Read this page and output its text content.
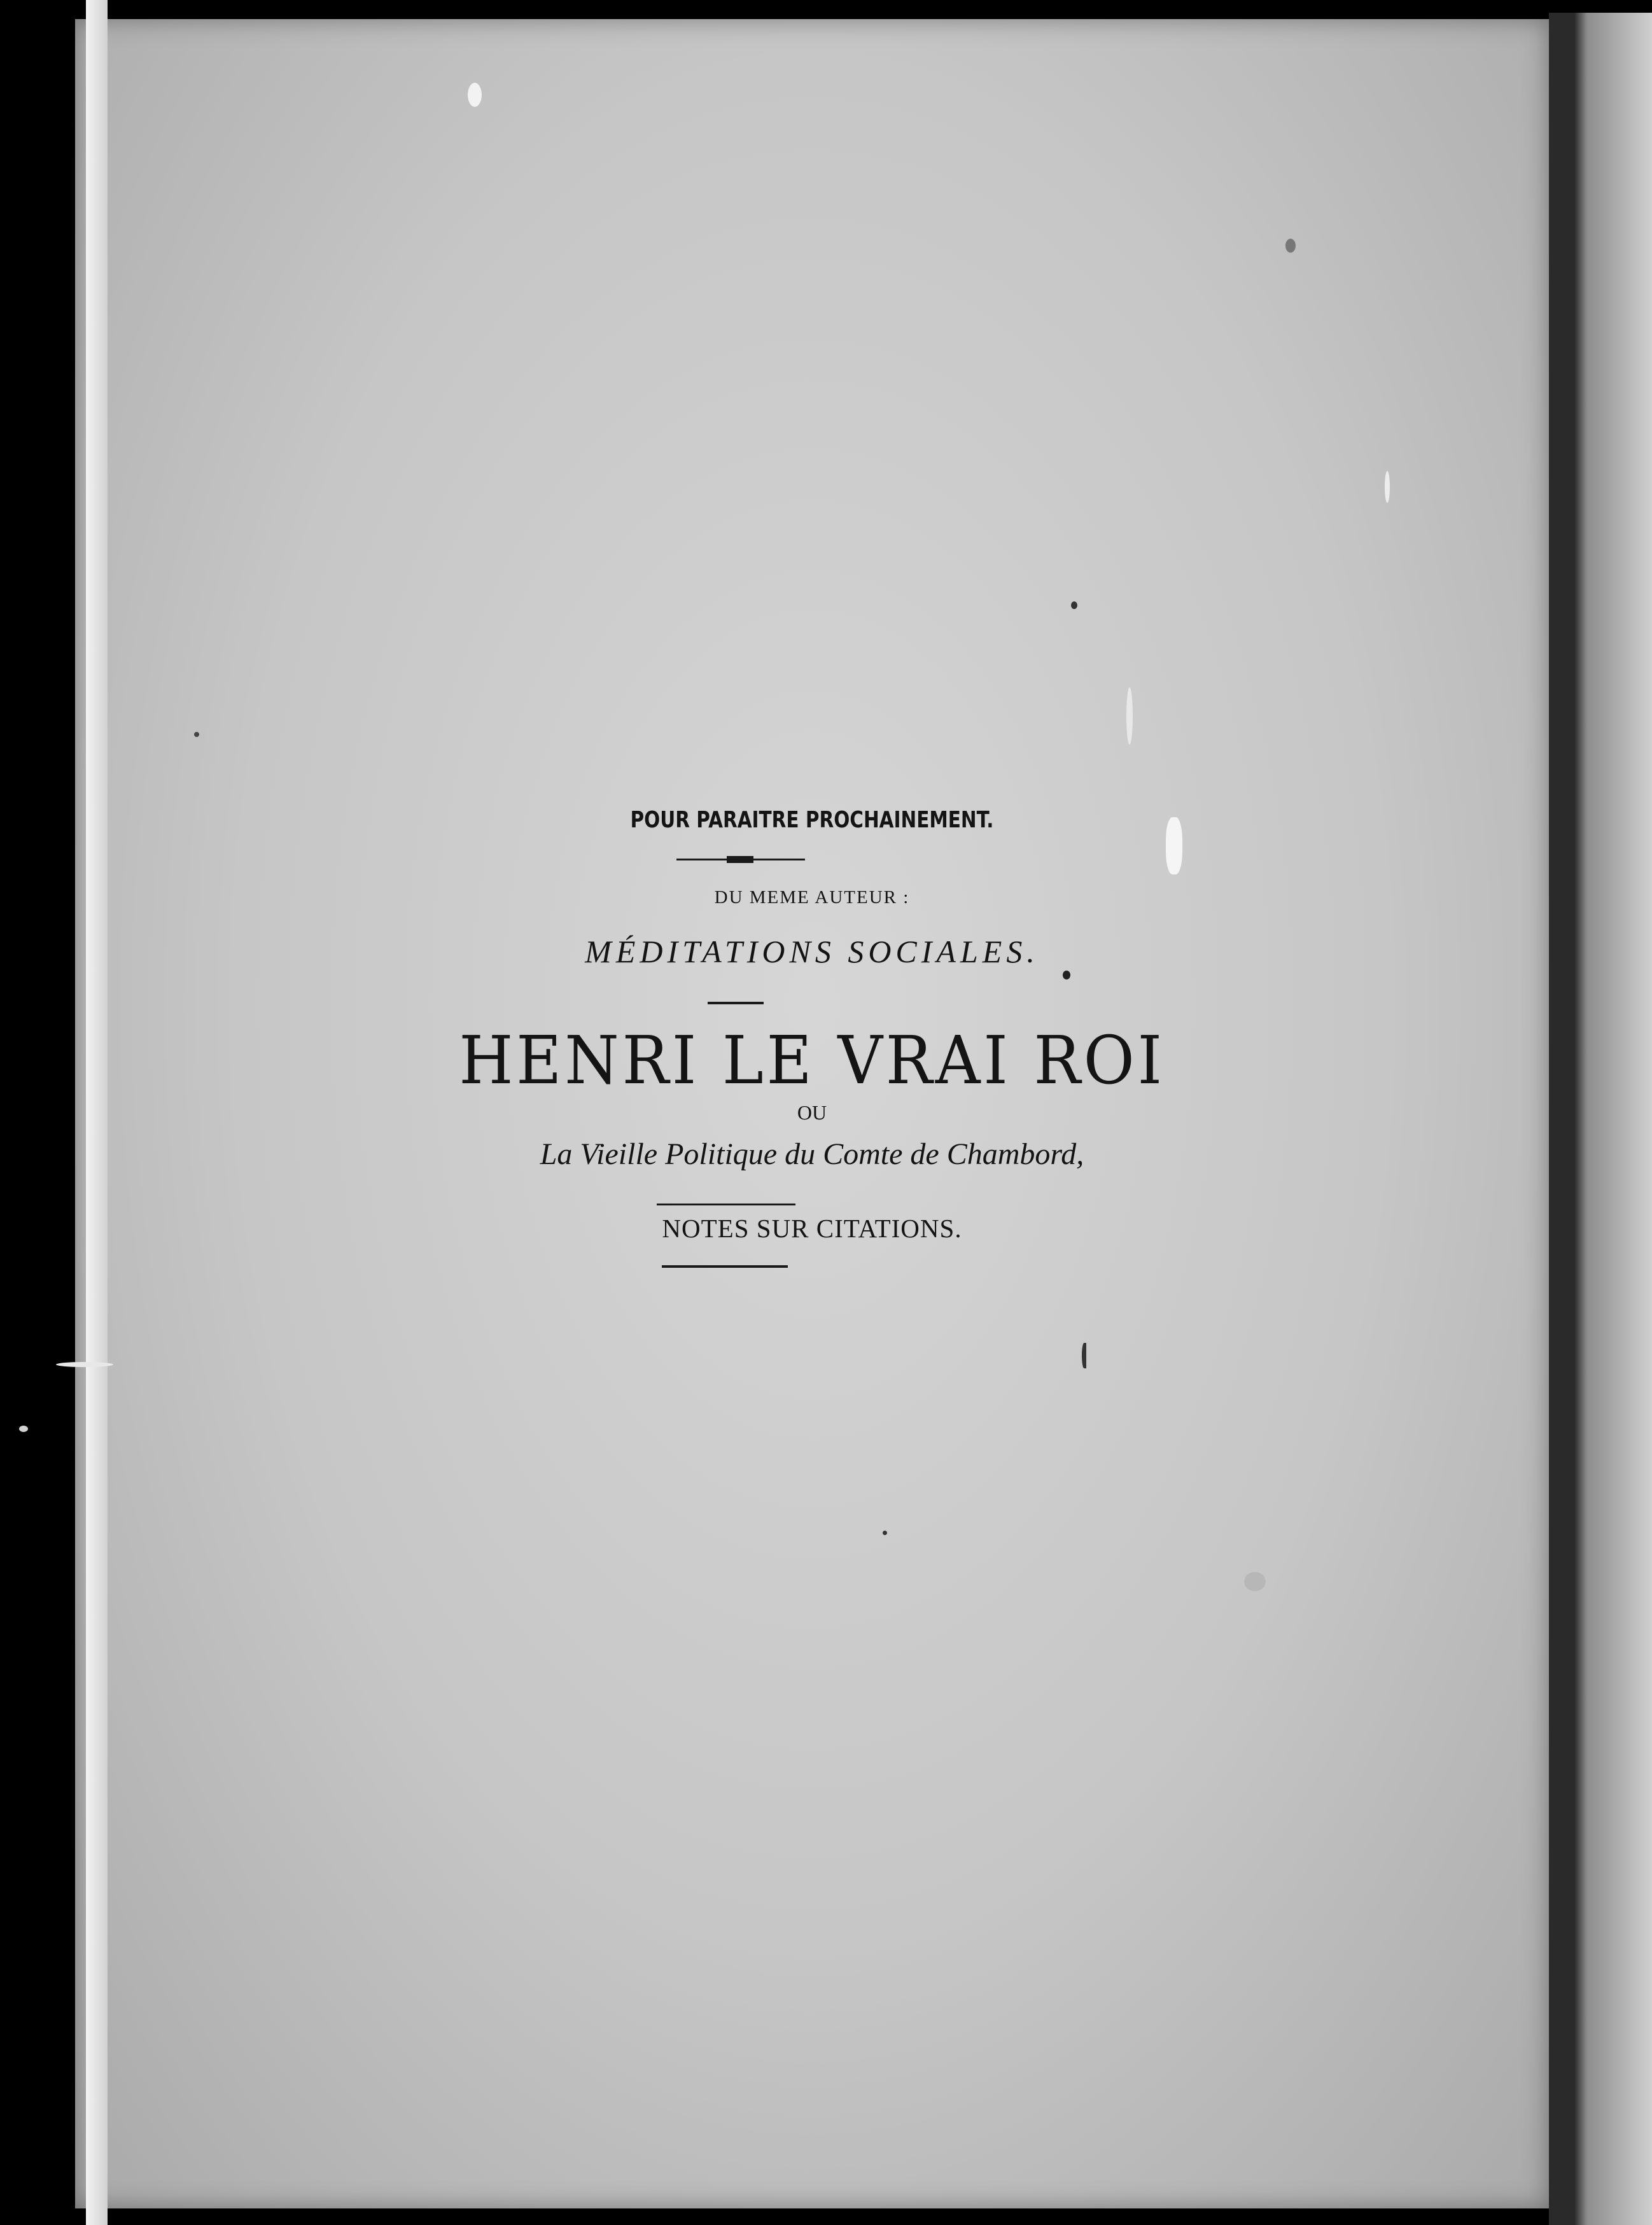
POUR PARAITRE PROCHAINEMENT.
DU MEME AUTEUR :
MÉDITATIONS SOCIALES.
HENRI LE VRAI ROI
OU
La Vieille Politique du Comte de Chambord,
NOTES SUR CITATIONS.
